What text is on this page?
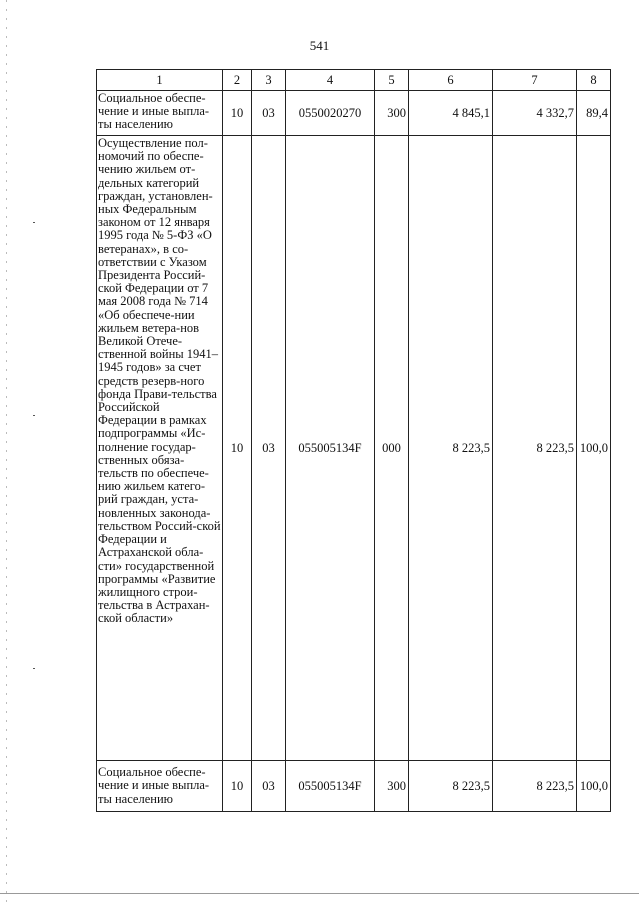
541
1	2	3	4	5	6	7	8
Социальное обеспе-чение и иные выпла-ты населению	10	03	0550020270	300	4 845,1	4 332,7	89,4
Осуществление пол-номочий по обеспе-чению жильем от-дельных категорий граждан, установлен-ных Федеральным законом от 12 января 1995 года № 5-ФЗ «О ветеранах», в со-ответствии с Указом Президента Россий-ской Федерации от 7 мая 2008 года № 714 «Об обеспече-нии жильем ветера-нов Великой Отече-ственной войны 1941–1945 годов» за счет средств резерв-ного фонда Прави-тельства Российской Федерации в рамках подпрограммы «Ис-полнение государ-ственных обяза-тельств по обеспече-нию жильем катего-рий граждан, уста-новленных законода-тельством Россий-ской Федерации и Астраханской обла-сти» государственной программы «Развитие жилищного строи-тельства в Астрахан-ской области»	10	03	055005134F	000	8 223,5	8 223,5	100,0
Социальное обеспе-чение и иные выпла-ты населению	10	03	055005134F	300	8 223,5	8 223,5	100,0
